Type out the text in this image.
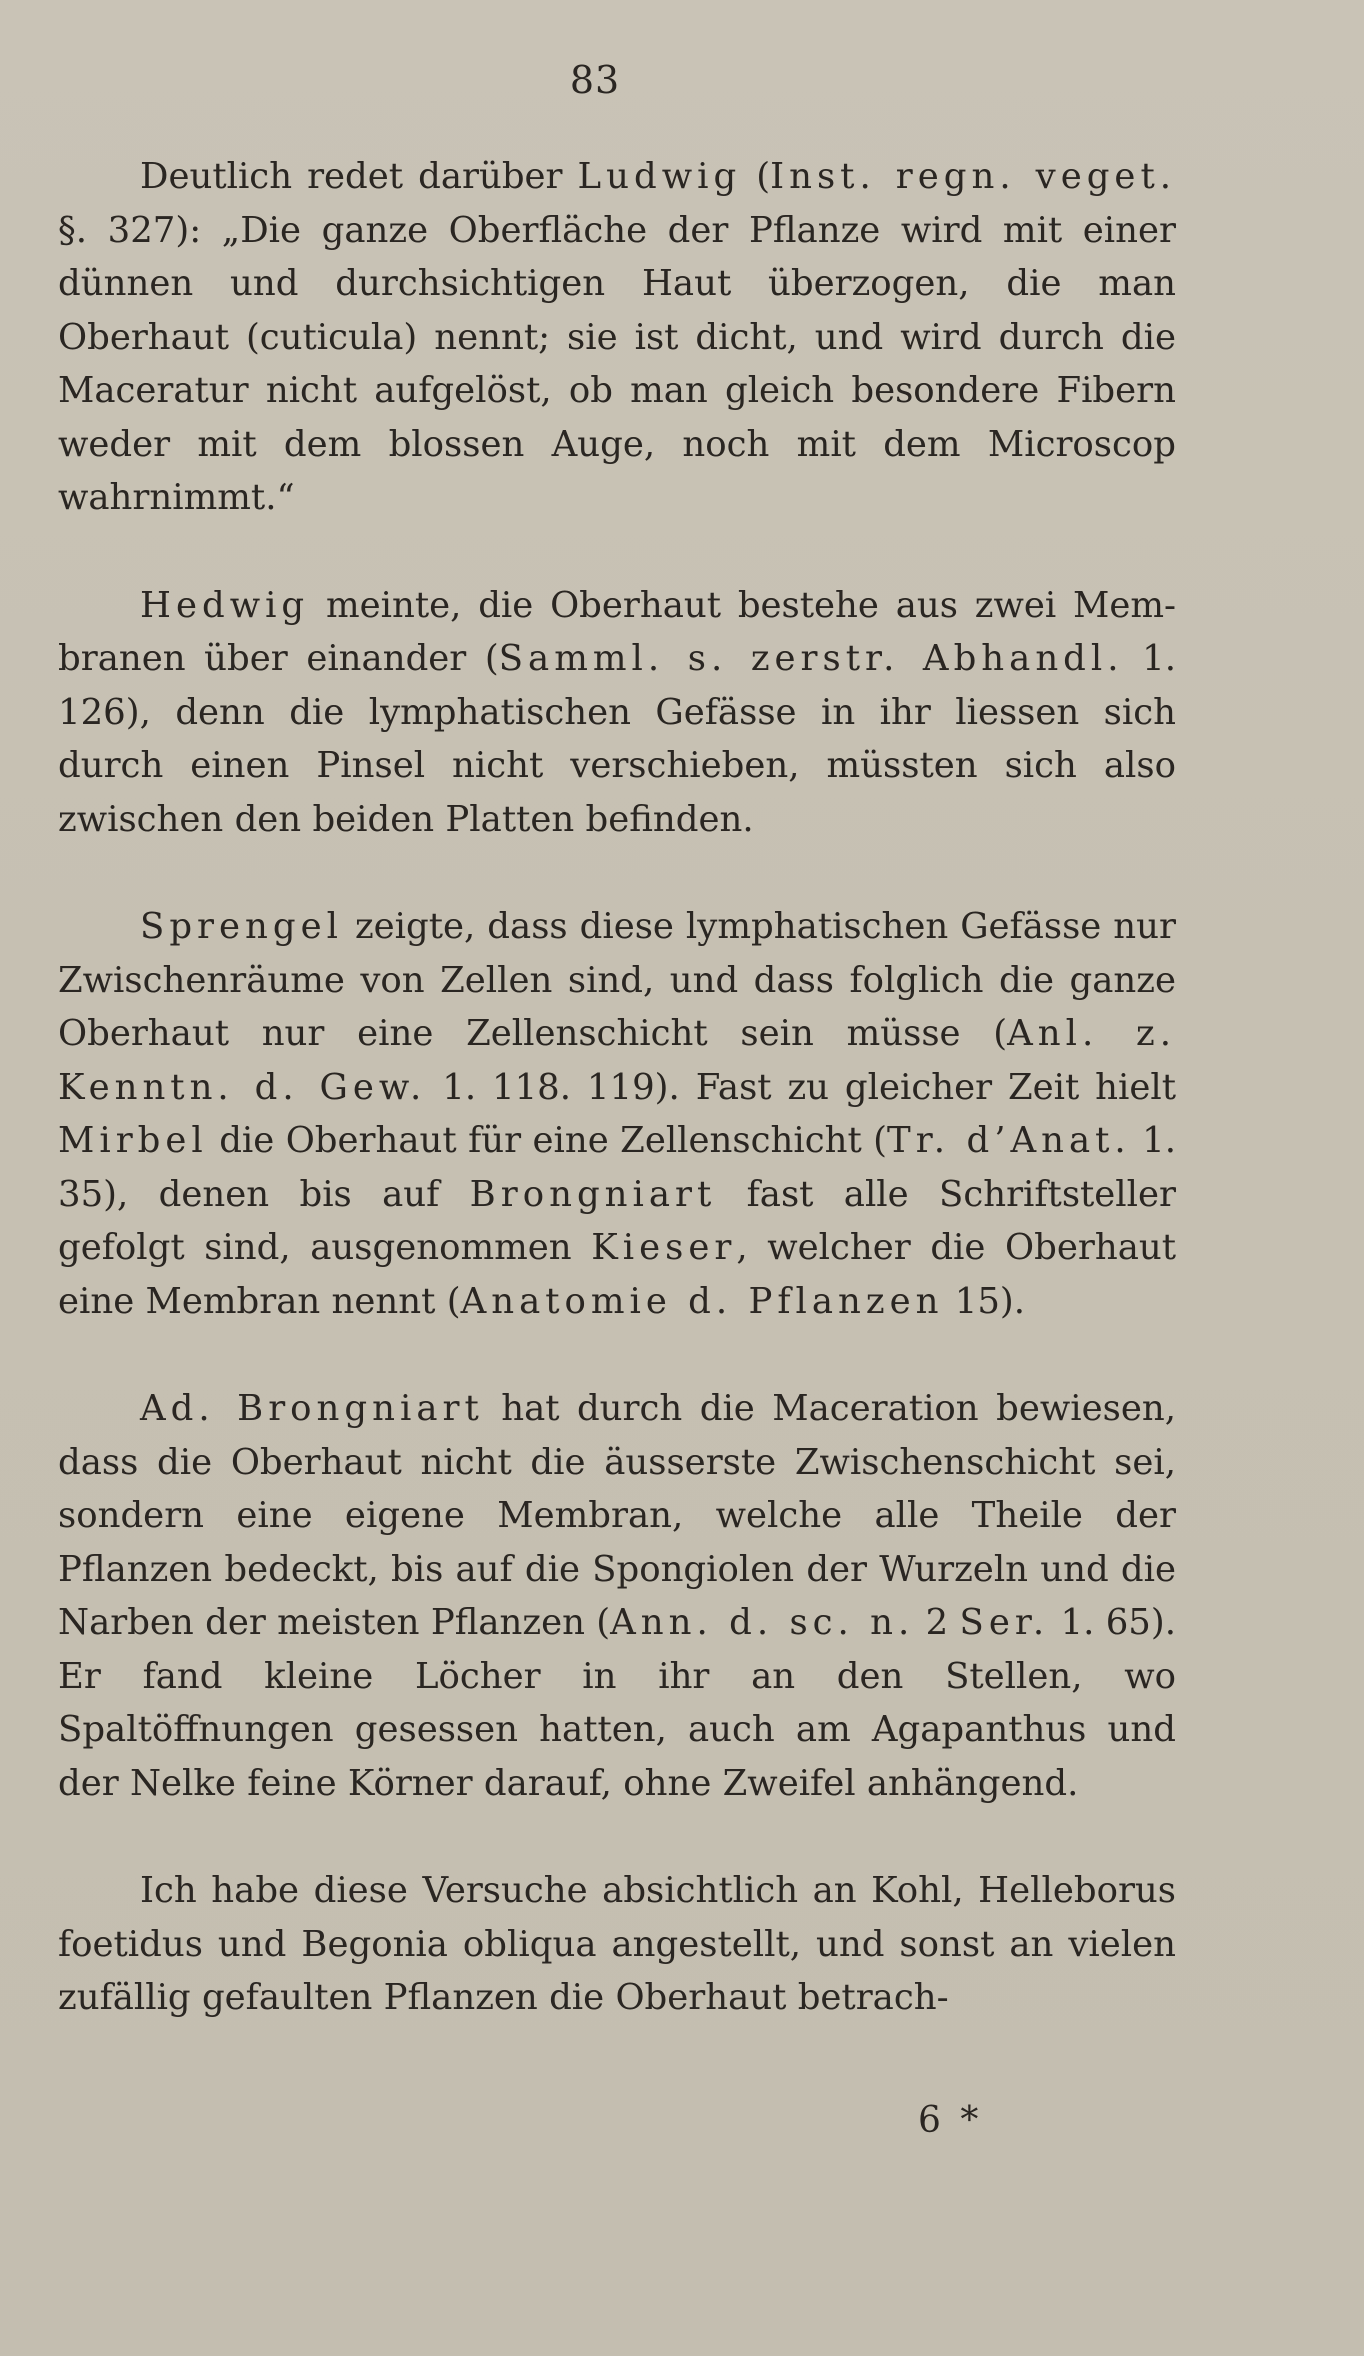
83

Deutlich redet darüber Ludwig (Inst. regn. veget. §. 327): „Die ganze Oberfläche der Pflanze wird mit einer dünnen und durchsichtigen Haut überzogen, die man Oberhaut (cuticula) nennt; sie ist dicht, und wird durch die Maceratur nicht aufgelöst, ob man gleich besondere Fibern weder mit dem blossen Auge, noch mit dem Microscop wahrnimmt.“

Hedwig meinte, die Oberhaut bestehe aus zwei Membranen über einander (Samml. s. zerstr. Abhandl. 1. 126), denn die lymphatischen Gefässe in ihr liessen sich durch einen Pinsel nicht verschieben, müssten sich also zwischen den beiden Platten befinden.

Sprengel zeigte, dass diese lymphatischen Gefässe nur Zwischenräume von Zellen sind, und dass folglich die ganze Oberhaut nur eine Zellenschicht sein müsse (Anl. z. Kenntn. d. Gew. 1. 118. 119). Fast zu gleicher Zeit hielt Mirbel die Oberhaut für eine Zellenschicht (Tr. d’Anat. 1. 35), denen bis auf Brongniart fast alle Schriftsteller gefolgt sind, ausgenommen Kieser, welcher die Oberhaut eine Membran nennt (Anatomie d. Pflanzen 15).

Ad. Brongniart hat durch die Maceration bewiesen, dass die Oberhaut nicht die äusserste Zwischenschicht sei, sondern eine eigene Membran, welche alle Theile der Pflanzen bedeckt, bis auf die Spongiolen der Wurzeln und die Narben der meisten Pflanzen (Ann. d. sc. n. 2 Ser. 1. 65). Er fand kleine Löcher in ihr an den Stellen, wo Spaltöffnungen gesessen hatten, auch am Agapanthus und der Nelke feine Körner darauf, ohne Zweifel anhängend.

Ich habe diese Versuche absichtlich an Kohl, Helleborus foetidus und Begonia obliqua angestellt, und sonst an vielen zufällig gefaulten Pflanzen die Oberhaut betrach-

6 *
